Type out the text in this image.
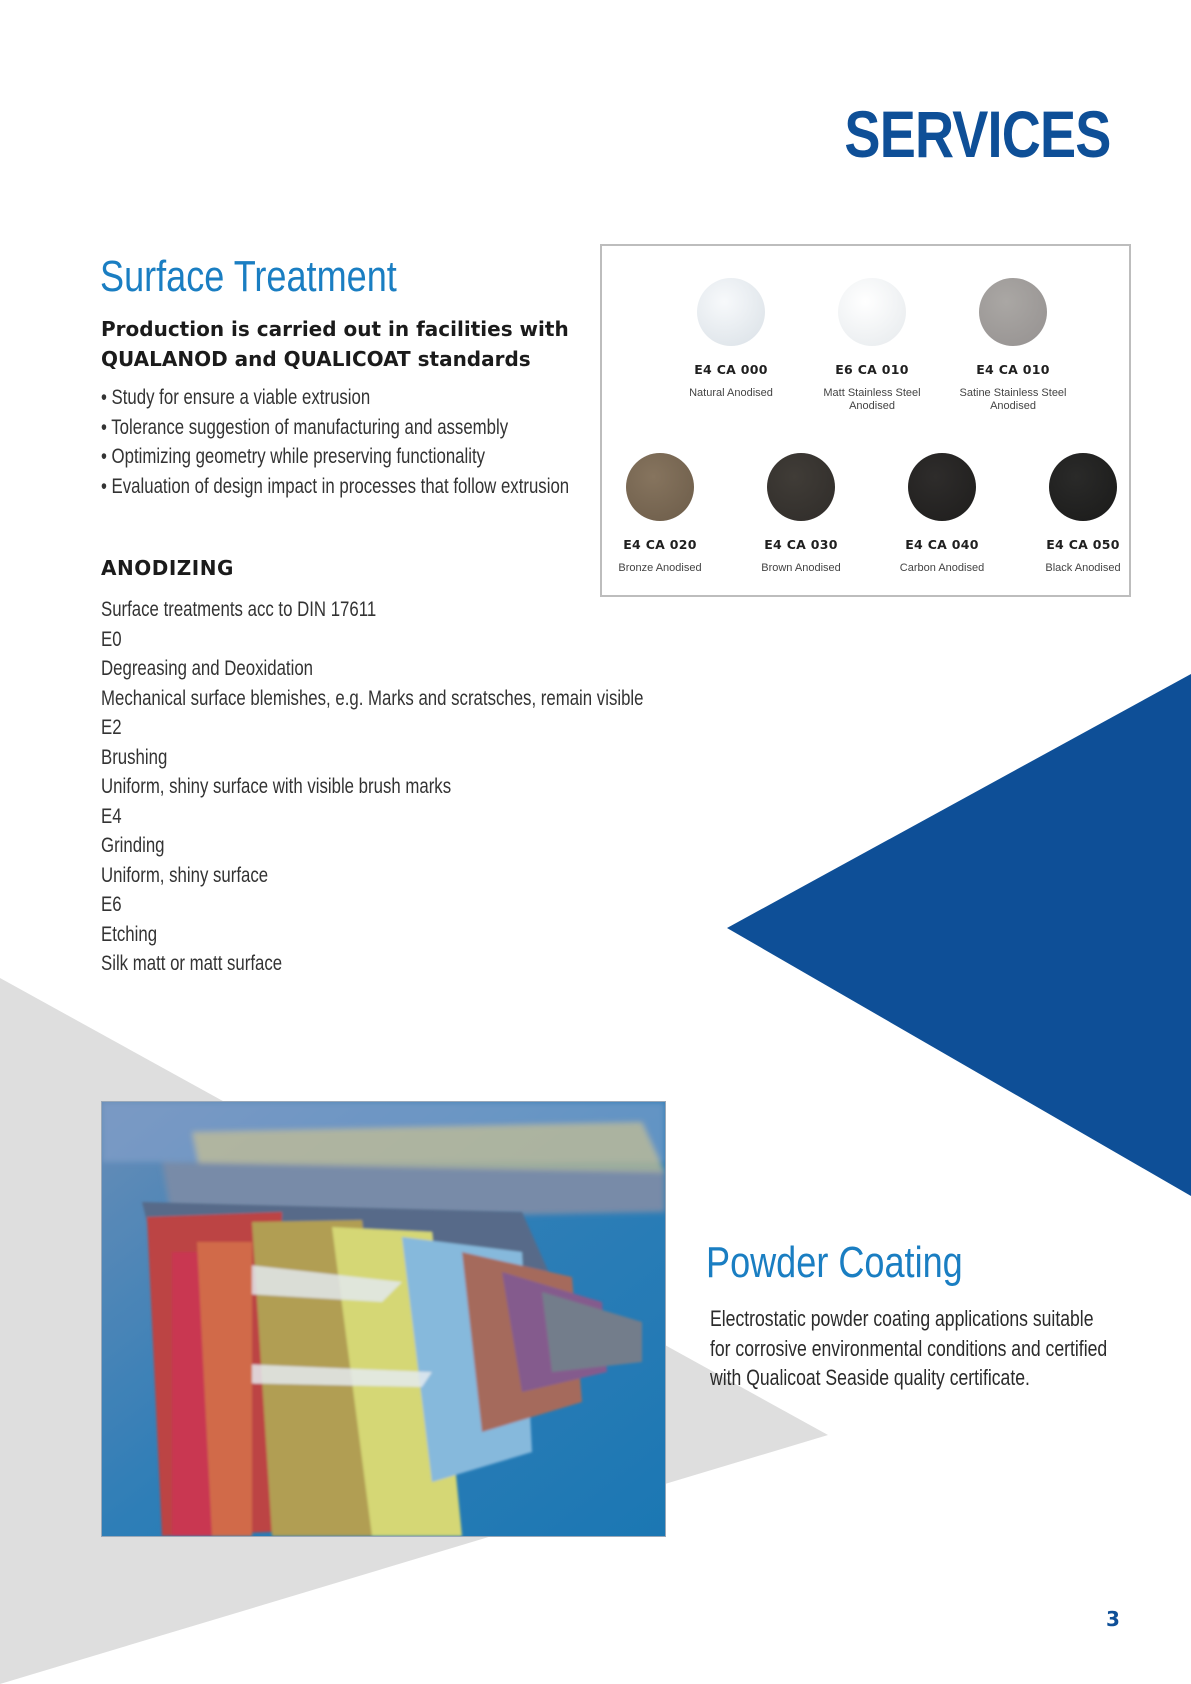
SERVICES
Surface Treatment

Production is carried out in facilities with QUALANOD and QUALICOAT standards

• Study for ensure a viable extrusion
• Tolerance suggestion of manufacturing and assembly
• Optimizing geometry while preserving functionality
• Evaluation of design impact in processes that follow extrusion
ANODIZING
Surface treatments acc to DIN 17611
E0
Degreasing and Deoxidation
Mechanical surface blemishes, e.g. Marks and scratsches, remain visible
E2
Brushing
Uniform, shiny surface with visible brush marks
E4
Grinding
Uniform, shiny surface
E6
Etching
Silk matt or matt surface
E4 CA 000
Natural Anodised
E6 CA 010
Matt Stainless Steel Anodised
E4 CA 010
Satine Stainless Steel Anodised
E4 CA 020
Bronze Anodised
E4 CA 030
Brown Anodised
E4 CA 040
Carbon Anodised
E4 CA 050
Black Anodised
Powder Coating
Electrostatic powder coating applications suitable
for corrosive environmental conditions and certified
with Qualicoat Seaside quality certificate.

3
